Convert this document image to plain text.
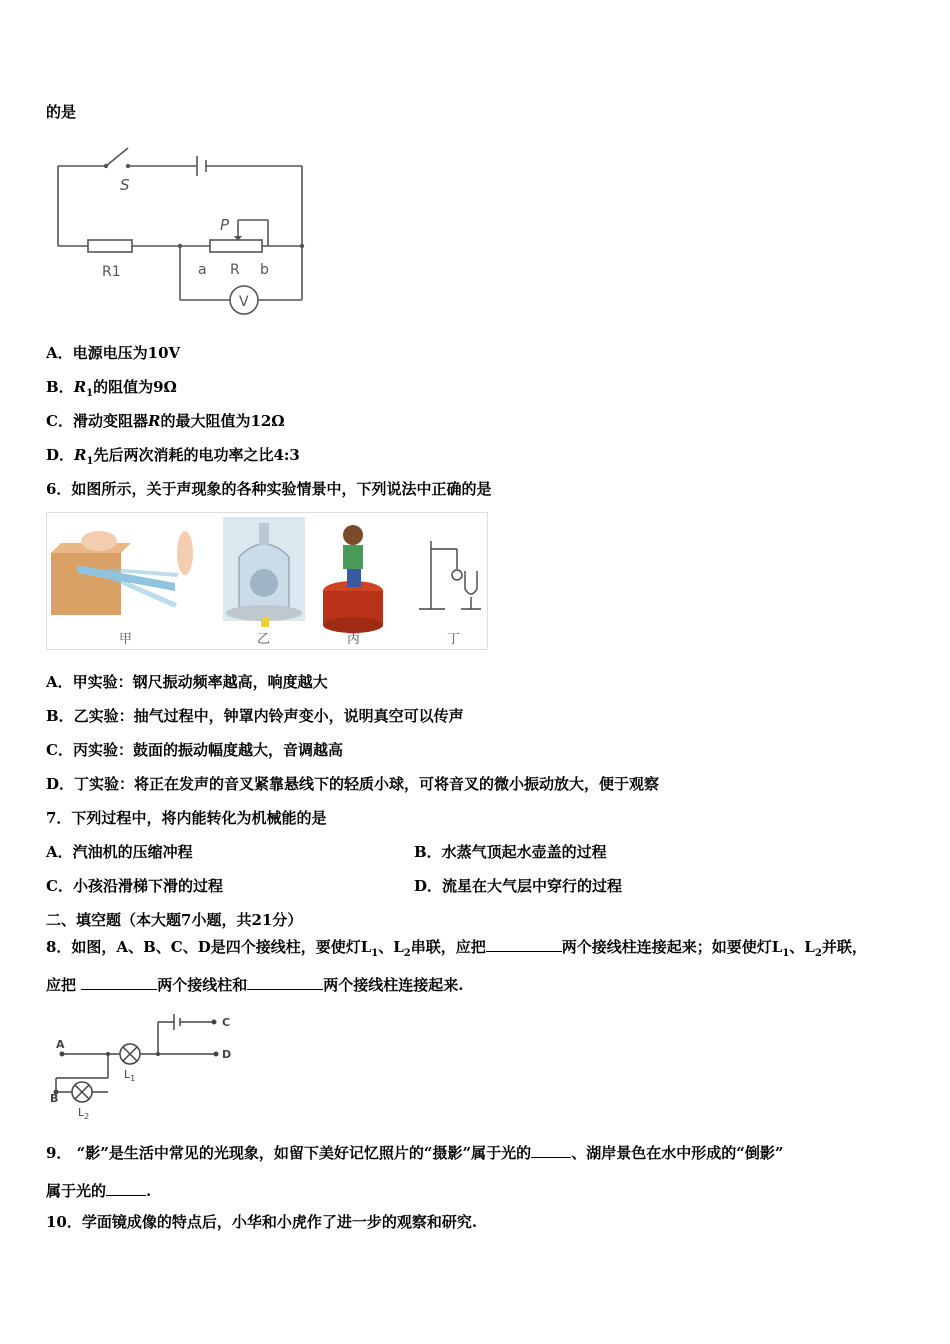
的是
S
P
R1	a R b
V
A．电源电压为10V
B．$R_1$的阻值为9Ω
C．滑动变阻器R的最大阻值为12Ω
D．$R_1$先后两次消耗的电功率之比4:3
6．如图所示，关于声现象的各种实验情景中，下列说法中正确的是
甲	乙	丙	丁
A．甲实验：钢尺振动频率越高，响度越大
B．乙实验：抽气过程中，钟罩内铃声变小，说明真空可以传声
C．丙实验：鼓面的振动幅度越大，音调越高
D．丁实验：将正在发声的音叉紧靠悬线下的轻质小球，可将音叉的微小振动放大，便于观察
7．下列过程中，将内能转化为机械能的是
A．汽油机的压缩冲程	B．水蒸气顶起水壶盖的过程
C．小孩沿滑梯下滑的过程	D．流星在大气层中穿行的过程
二、填空题（本大题7小题，共21分）
8．如图，A、B、C、D是四个接线柱，要使灯$L_1$、$L_2$串联，应把	两个接线柱连接起来；如要使灯$L_1$、$L_2$并联，
应把	两个接线柱和	两个接线柱连接起来.
A
C
D
B
$L_1$
$L_2$
9． “影”是生活中常见的光现象，如留下美好记忆照片的“摄影”属于光的	、湖岸景色在水中形成的“倒影”
属于光的	.
10．学面镜成像的特点后，小华和小虎作了进一步的观察和研究.
